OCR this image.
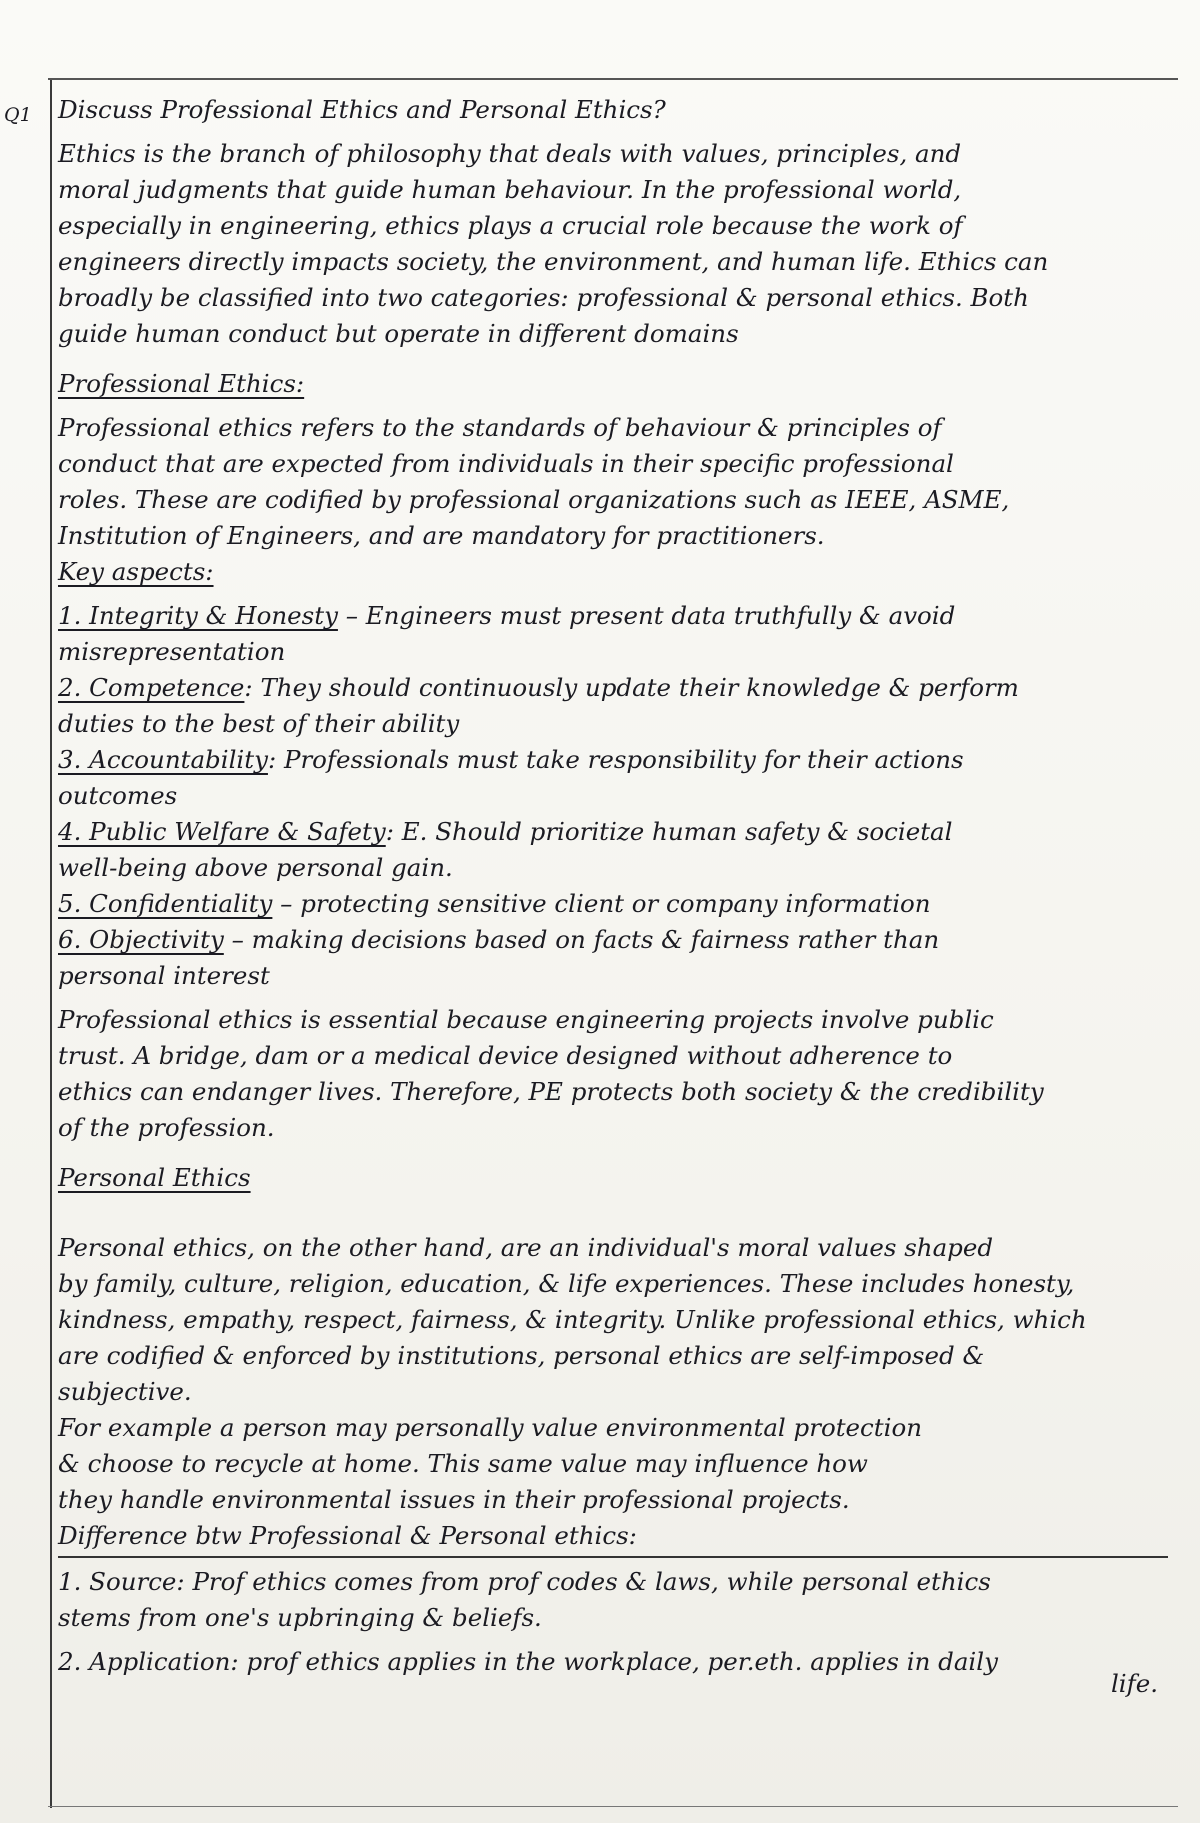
Q1 Discuss Professional Ethics and Personal Ethics?
Ethics is the branch of philosophy that deals with values, principles, and
moral judgments that guide human behaviour. In the professional world,
especially in engineering, ethics plays a crucial role because the work of
engineers directly impacts society, the environment, and human life. Ethics can
broadly be classified into two categories: professional & personal ethics. Both
guide human conduct but operate in different domains
Professional Ethics:
Professional ethics refers to the standards of behaviour & principles of
conduct that are expected from individuals in their specific professional
roles. These are codified by professional organizations such as IEEE, ASME,
Institution of Engineers, and are mandatory for practitioners.
Key aspects:
1. Integrity & Honesty – Engineers must present data truthfully & avoid
misrepresentation
2. Competence: They should continuously update their knowledge & perform
duties to the best of their ability
3. Accountability: Professionals must take responsibility for their actions
outcomes
4. Public Welfare & Safety: E. Should prioritize human safety & societal
well-being above personal gain.
5. Confidentiality – protecting sensitive client or company information
6. Objectivity – making decisions based on facts & fairness rather than
personal interest
Professional ethics is essential because engineering projects involve public
trust. A bridge, dam or a medical device designed without adherence to
ethics can endanger lives. Therefore, PE protects both society & the credibility
of the profession.
Personal Ethics
Personal ethics, on the other hand, are an individual's moral values shaped
by family, culture, religion, education, & life experiences. These includes honesty,
kindness, empathy, respect, fairness, & integrity. Unlike professional ethics, which
are codified & enforced by institutions, personal ethics are self-imposed &
subjective.
For example a person may personally value environmental protection
& choose to recycle at home. This same value may influence how
they handle environmental issues in their professional projects.
Difference btw Professional & Personal ethics:
1. Source: Prof ethics comes from prof codes & laws, while personal ethics
stems from one's upbringing & beliefs.
2. Application: prof ethics applies in the workplace, per.eth. applies in daily
life.
